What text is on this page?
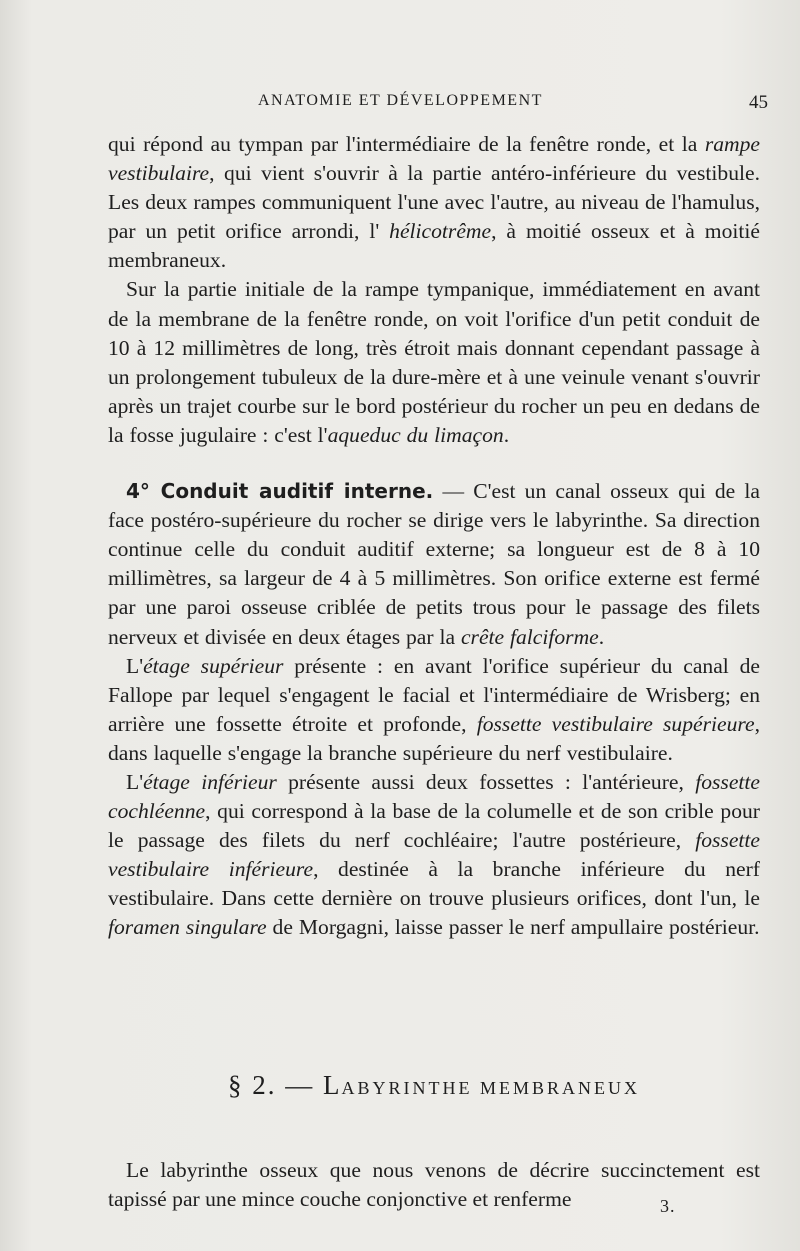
ANATOMIE ET DÉVELOPPEMENT	45

qui répond au tympan par l'intermédiaire de la fenêtre ronde, et la rampe vestibulaire, qui vient s'ouvrir à la partie antéro-inférieure du vestibule. Les deux rampes communiquent l'une avec l'autre, au niveau de l'hamulus, par un petit orifice arrondi, l' hélicotrême, à moitié osseux et à moitié membraneux.

Sur la partie initiale de la rampe tympanique, immédiatement en avant de la membrane de la fenêtre ronde, on voit l'orifice d'un petit conduit de 10 à 12 millimètres de long, très étroit mais donnant cependant passage à un prolongement tubuleux de la dure-mère et à une veinule venant s'ouvrir après un trajet courbe sur le bord postérieur du rocher un peu en dedans de la fosse jugulaire : c'est l'aqueduc du limaçon.

4° Conduit auditif interne. — C'est un canal osseux qui de la face postéro-supérieure du rocher se dirige vers le labyrinthe. Sa direction continue celle du conduit auditif externe; sa longueur est de 8 à 10 millimètres, sa largeur de 4 à 5 millimètres. Son orifice externe est fermé par une paroi osseuse criblée de petits trous pour le passage des filets nerveux et divisée en deux étages par la crête falciforme.

L'étage supérieur présente : en avant l'orifice supérieur du canal de Fallope par lequel s'engagent le facial et l'intermédiaire de Wrisberg; en arrière une fossette étroite et profonde, fossette vestibulaire supérieure, dans laquelle s'engage la branche supérieure du nerf vestibulaire.

L'étage inférieur présente aussi deux fossettes : l'antérieure, fossette cochléenne, qui correspond à la base de la columelle et de son crible pour le passage des filets du nerf cochléaire; l'autre postérieure, fossette vestibulaire inférieure, destinée à la branche inférieure du nerf vestibulaire. Dans cette dernière on trouve plusieurs orifices, dont l'un, le foramen singulare de Morgagni, laisse passer le nerf ampullaire postérieur.

§ 2. — LABYRINTHE MEMBRANEUX

Le labyrinthe osseux que nous venons de décrire succinctement est tapissé par une mince couche conjonctive et renferme	3.
